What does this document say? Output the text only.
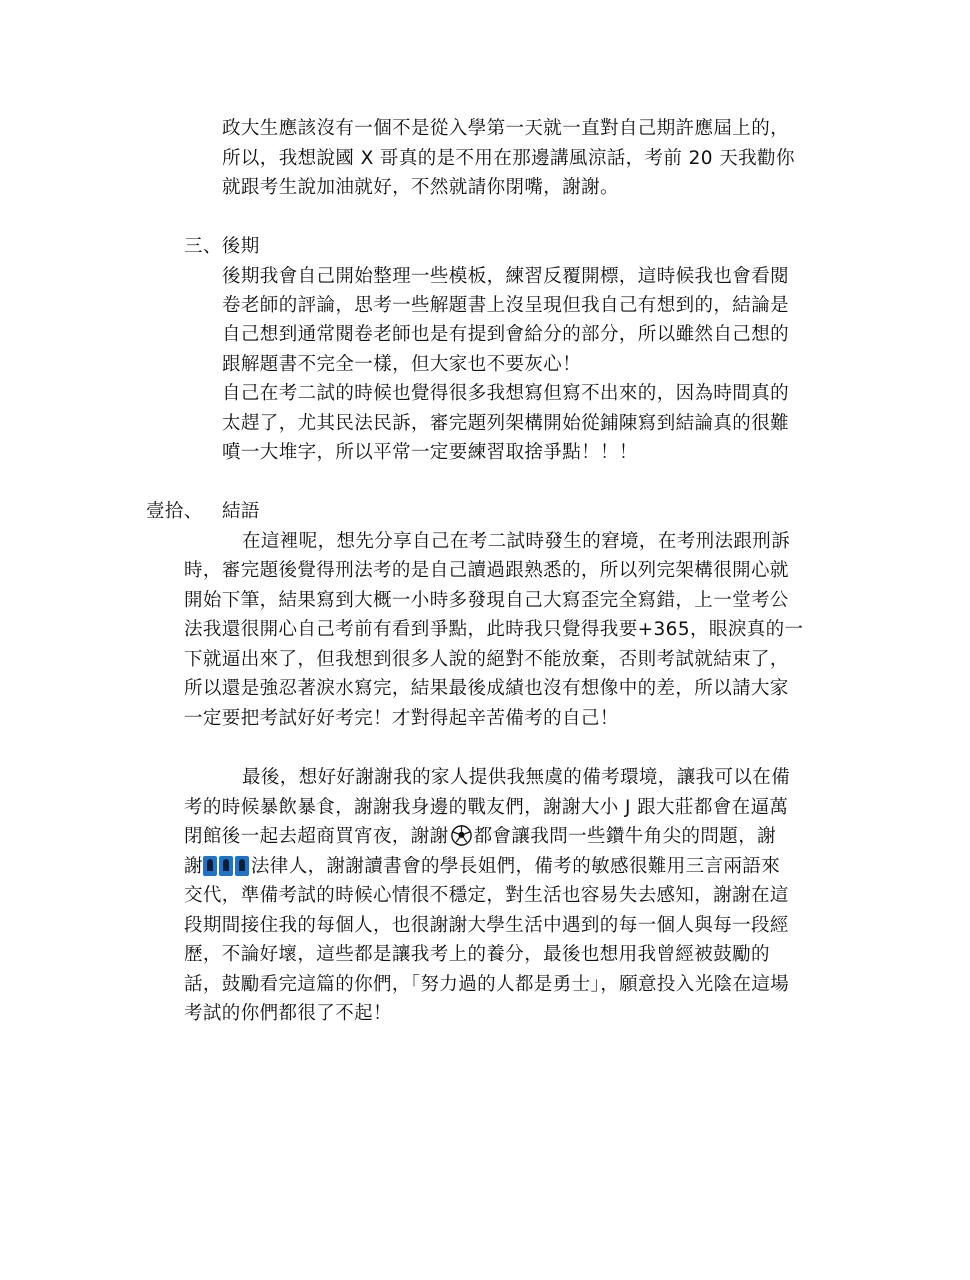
政大生應該沒有一個不是從入學第一天就一直對自己期許應屆上的，
所以，我想說國 X 哥真的是不用在那邊講風涼話，考前 20 天我勸你
就跟考生說加油就好，不然就請你閉嘴，謝謝。
三、後期
後期我會自己開始整理一些模板，練習反覆開標，這時候我也會看閱
卷老師的評論，思考一些解題書上沒呈現但我自己有想到的，結論是
自己想到通常閱卷老師也是有提到會給分的部分，所以雖然自己想的
跟解題書不完全一樣，但大家也不要灰心！
自己在考二試的時候也覺得很多我想寫但寫不出來的，因為時間真的
太趕了，尤其民法民訴，審完題列架構開始從鋪陳寫到結論真的很難
噴一大堆字，所以平常一定要練習取捨爭點！！！
壹拾、 結語
在這裡呢，想先分享自己在考二試時發生的窘境，在考刑法跟刑訴
時，審完題後覺得刑法考的是自己讀過跟熟悉的，所以列完架構很開心就
開始下筆，結果寫到大概一小時多發現自己大寫歪完全寫錯，上一堂考公
法我還很開心自己考前有看到爭點，此時我只覺得我要+365，眼淚真的一
下就逼出來了，但我想到很多人說的絕對不能放棄，否則考試就結束了，
所以還是強忍著淚水寫完，結果最後成績也沒有想像中的差，所以請大家
一定要把考試好好考完！才對得起辛苦備考的自己！
最後，想好好謝謝我的家人提供我無虞的備考環境，讓我可以在備
考的時候暴飲暴食，謝謝我身邊的戰友們，謝謝大小 J 跟大莊都會在逼萬
閉館後一起去超商買宵夜，謝謝 都會讓我問一些鑽牛角尖的問題，謝
謝	法律人，謝謝讀書會的學長姐們，備考的敏感很難用三言兩語來
交代，準備考試的時候心情很不穩定，對生活也容易失去感知，謝謝在這
段期間接住我的每個人，也很謝謝大學生活中遇到的每一個人與每一段經
歷，不論好壞，這些都是讓我考上的養分，最後也想用我曾經被鼓勵的
話，鼓勵看完這篇的你們，「努力過的人都是勇士」，願意投入光陰在這場
考試的你們都很了不起！
